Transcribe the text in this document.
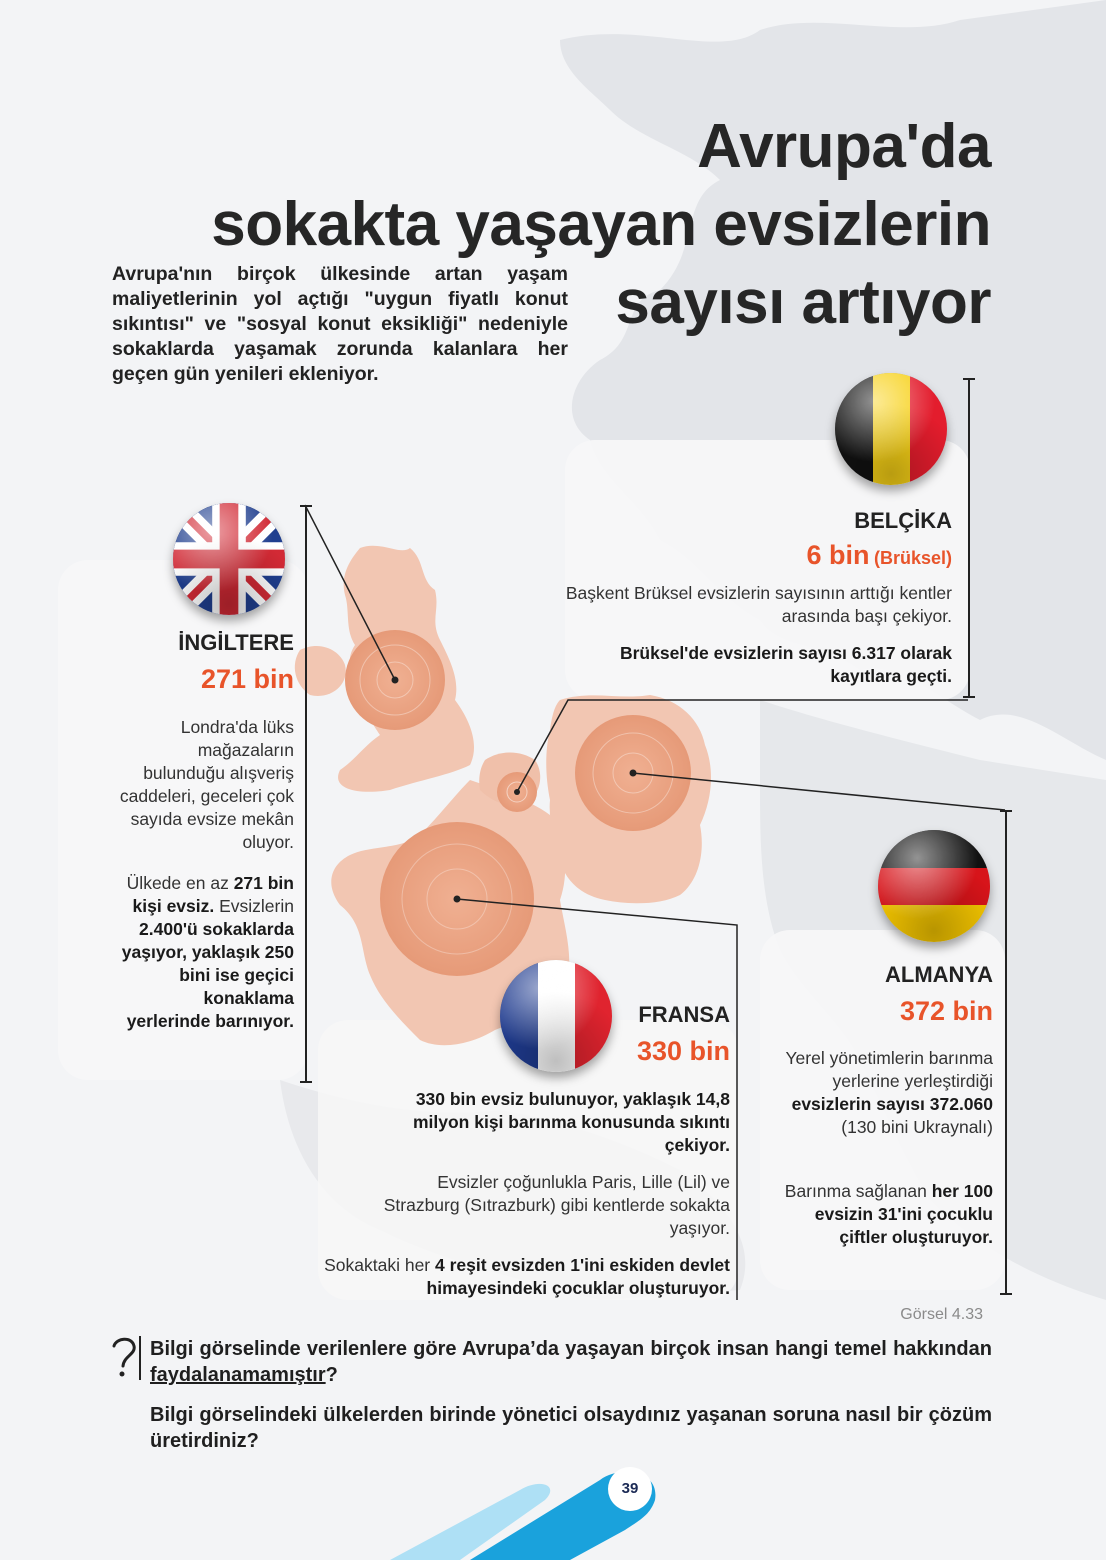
Avrupa'da
sokakta yaşayan evsizlerin
sayısı artıyor
Avrupa'nın birçok ülkesinde artan yaşam maliyetlerinin yol açtığı "uygun fiyatlı konut sıkıntısı" ve "sosyal konut eksikliği" nedeniyle sokaklarda yaşamak zorunda kalanlara her geçen gün yenileri ekleniyor.
BELÇİKA
6 bin (Brüksel)
Başkent Brüksel evsizlerin sayısının arttığı kentler arasında başı çekiyor.
Brüksel'de evsizlerin sayısı 6.317 olarak kayıtlara geçti.
İNGİLTERE
271 bin
Londra'da lüks mağazaların bulunduğu alışveriş caddeleri, geceleri çok sayıda evsize mekân oluyor.
Ülkede en az 271 bin kişi evsiz. Evsizlerin 2.400'ü sokaklarda yaşıyor, yaklaşık 250 bini ise geçici konaklama yerlerinde barınıyor.
ALMANYA
372 bin
Yerel yönetimlerin barınma yerlerine yerleştirdiği evsizlerin sayısı 372.060 (130 bini Ukraynalı)
Barınma sağlanan her 100 evsizin 31'ini çocuklu çiftler oluşturuyor.
FRANSA
330 bin
330 bin evsiz bulunuyor, yaklaşık 14,8 milyon kişi barınma konusunda sıkıntı çekiyor.
Evsizler çoğunlukla Paris, Lille (Lil) ve Strazburg (Sıtrazburk) gibi kentlerde sokakta yaşıyor.
Sokaktaki her 4 reşit evsizden 1'ini eskiden devlet himayesindeki çocuklar oluşturuyor.
Görsel 4.33
Bilgi görselinde verilenlere göre Avrupa’da yaşayan birçok insan hangi temel hakkından faydalanamamıştır?
Bilgi görselindeki ülkelerden birinde yönetici olsaydınız yaşanan soruna nasıl bir çözüm üretirdiniz?
39
